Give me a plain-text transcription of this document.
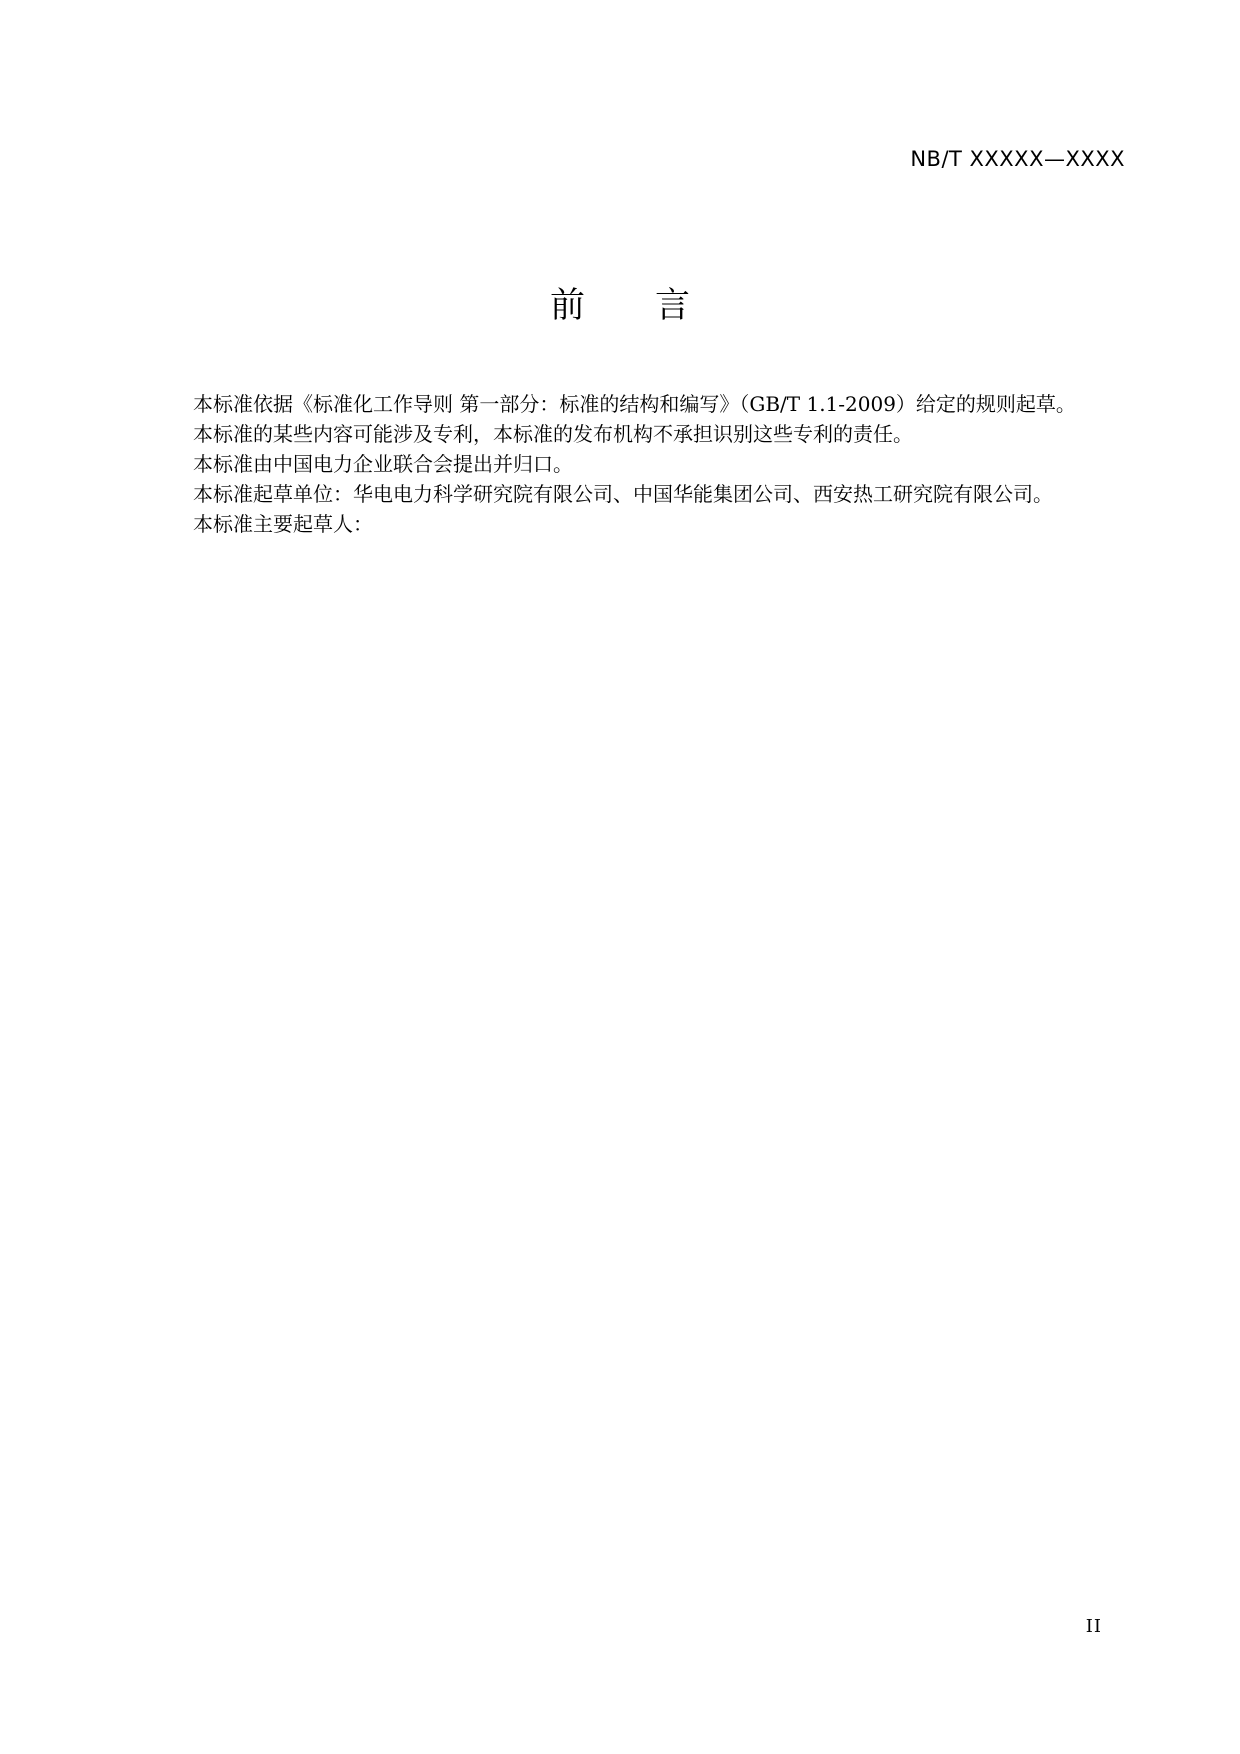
NB/T XXXXX—XXXX
前　　言

本标准依据《标准化工作导则 第一部分：标准的结构和编写》（GB/T 1.1-2009）给定的规则起草。

本标准的某些内容可能涉及专利，本标准的发布机构不承担识别这些专利的责任。

本标准由中国电力企业联合会提出并归口。

本标准起草单位：华电电力科学研究院有限公司、中国华能集团公司、西安热工研究院有限公司。

本标准主要起草人：

II
